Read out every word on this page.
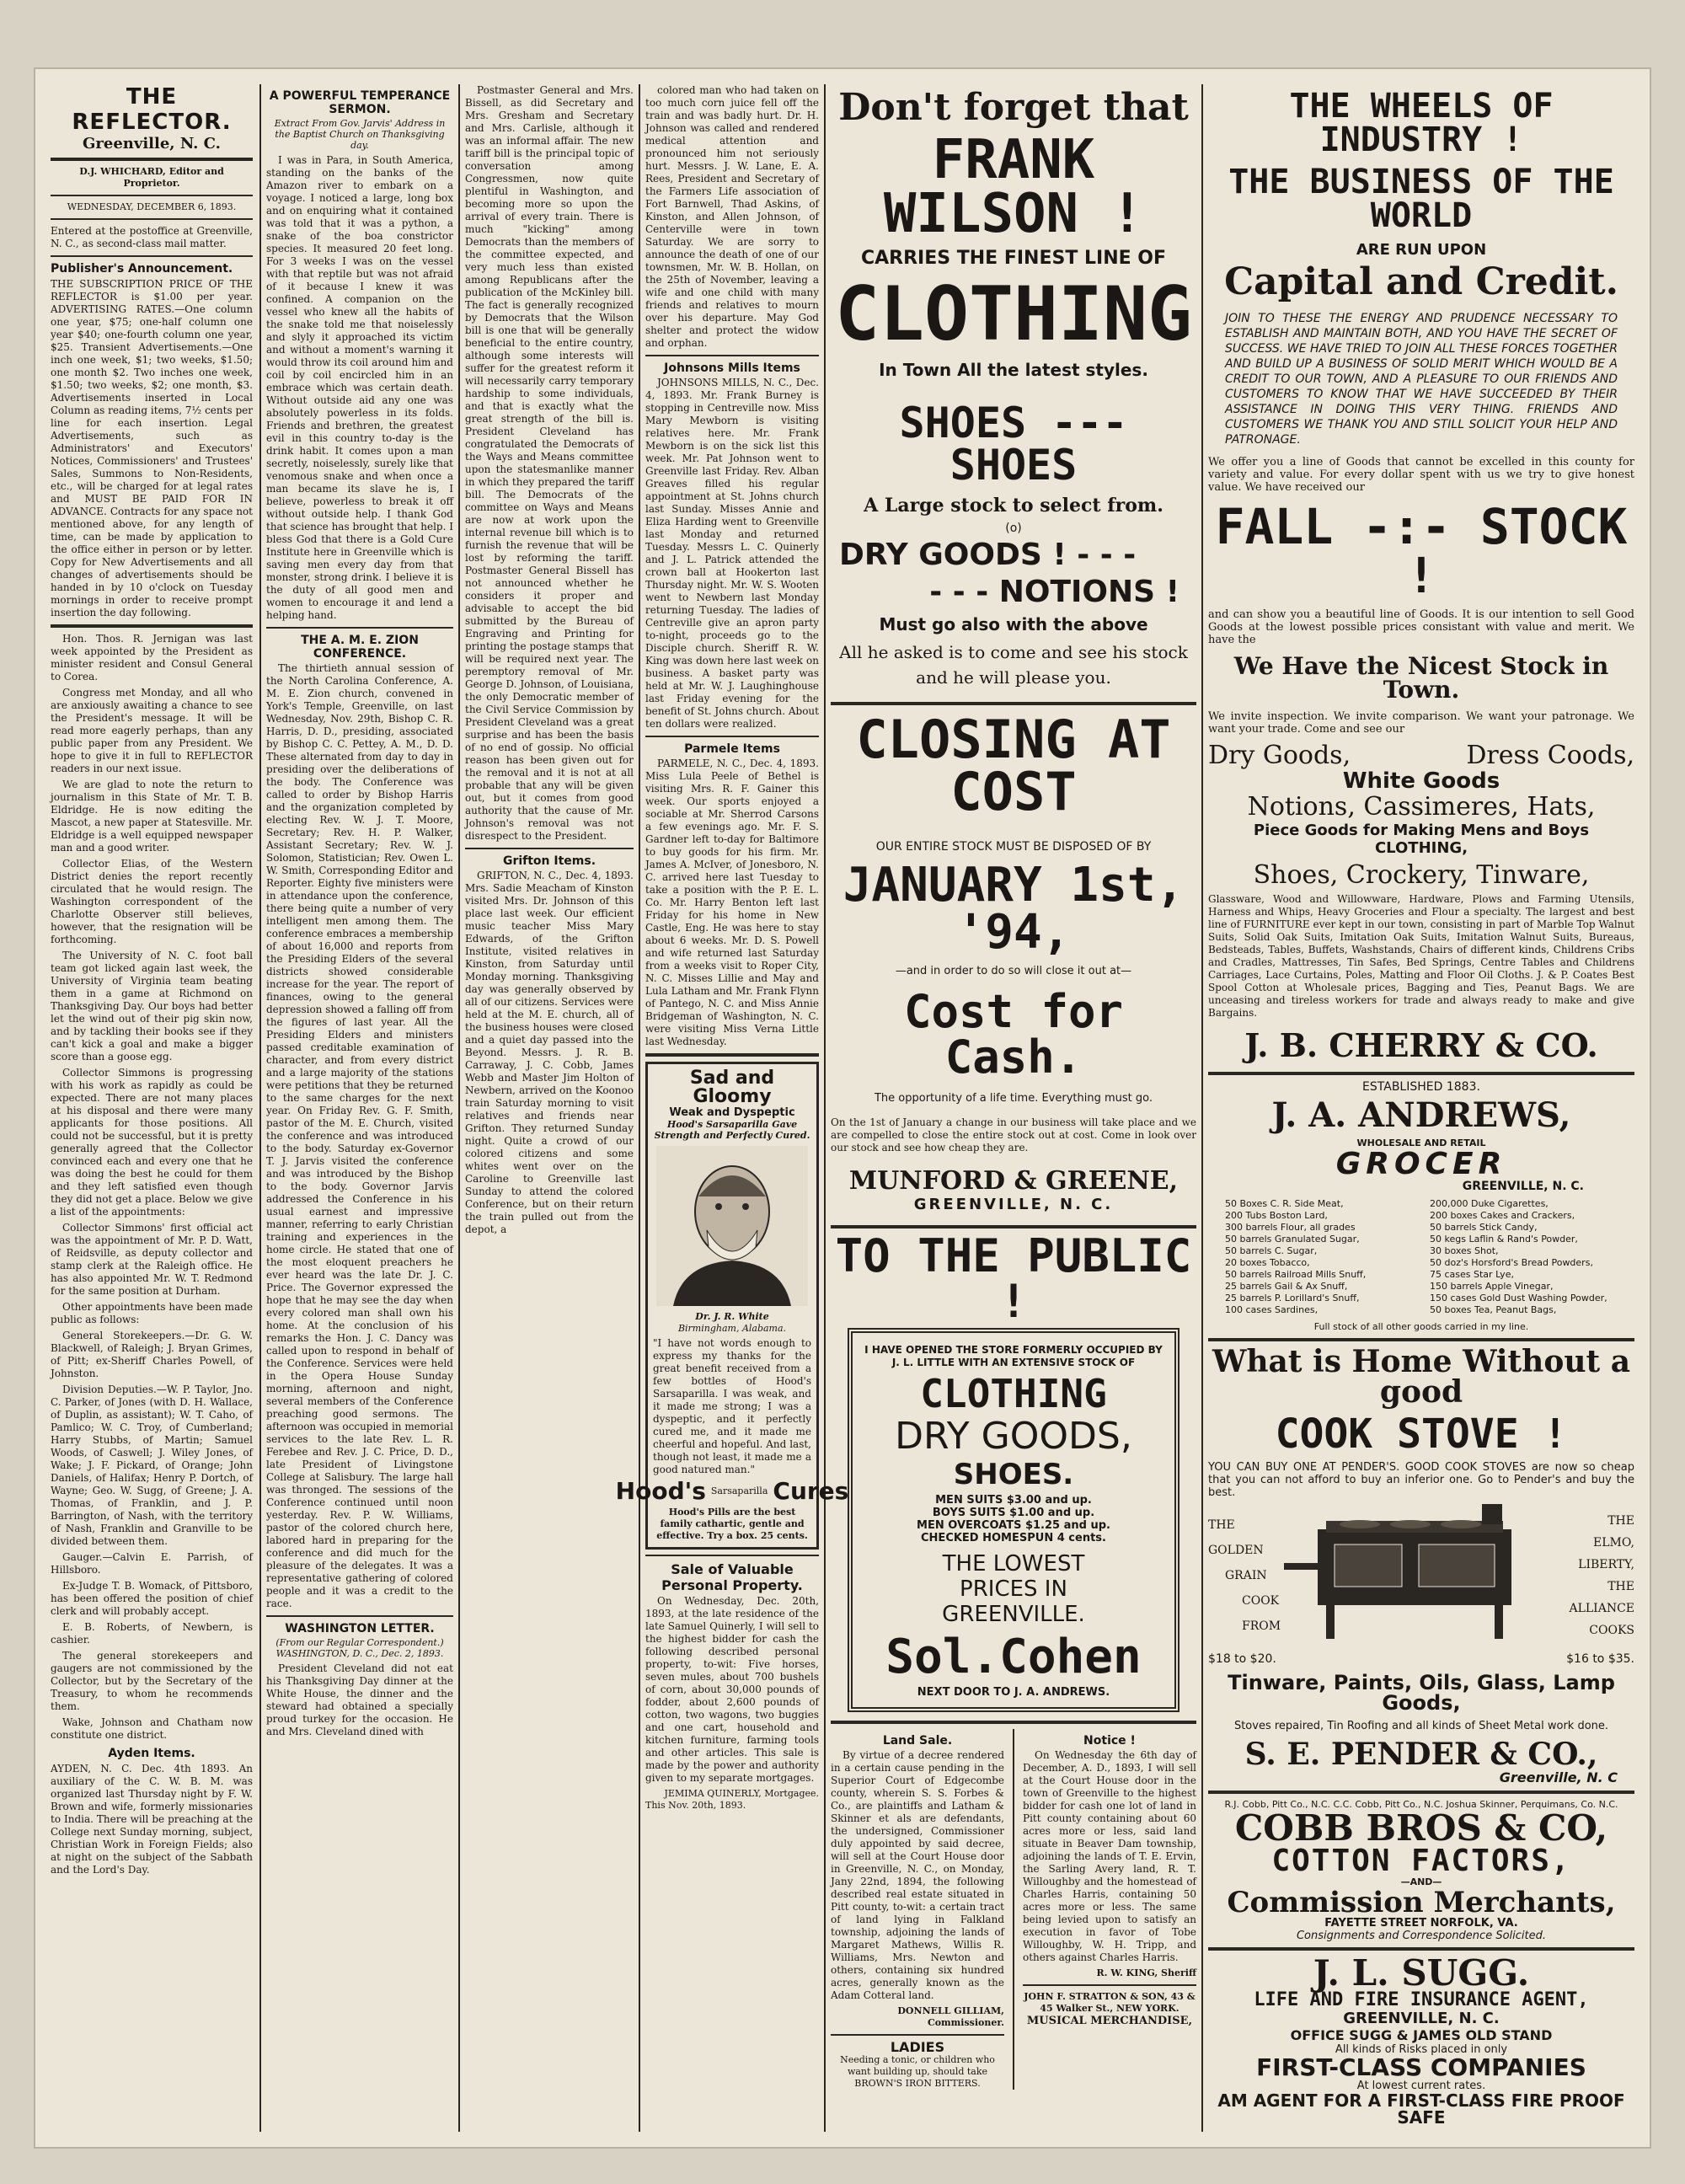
THE REFLECTOR.
Greenville, N. C.
D.J. WHICHARD, Editor and Proprietor.
WEDNESDAY, DECEMBER 6, 1893.
Entered at the postoffice at Greenville, N. C., as second-class mail matter.
Publisher's Announcement.
THE SUBSCRIPTION PRICE OF THE REFLECTOR is $1.00 per year. ADVERTISING RATES.—One column one year, $75; one-half column one year $40; one-fourth column one year, $25. Transient Advertisements.—One inch one week, $1; two weeks, $1.50; one month $2. Two inches one week, $1.50; two weeks, $2; one month, $3. Advertisements inserted in Local Column as reading items, 7½ cents per line for each insertion. Legal Advertisements, such as Administrators' and Executors' Notices, Commissioners' and Trustees' Sales, Summons to Non-Residents, etc., will be charged for at legal rates and MUST BE PAID FOR IN ADVANCE. Contracts for any space not mentioned above, for any length of time, can be made by application to the office either in person or by letter. Copy for New Advertisements and all changes of advertisements should be handed in by 10 o'clock on Tuesday mornings in order to receive prompt insertion the day following.

Hon. Thos. R. Jernigan was last week appointed by the President as minister resident and Consul General to Corea.

Congress met Monday, and all who are anxiously awaiting a chance to see the President's message. It will be read more eagerly perhaps, than any public paper from any President. We hope to give it in full to REFLECTOR readers in our next issue.

We are glad to note the return to journalism in this State of Mr. T. B. Eldridge. He is now editing the Mascot, a new paper at Statesville. Mr. Eldridge is a well equipped newspaper man and a good writer.

Collector Elias, of the Western District denies the report recently circulated that he would resign. The Washington correspondent of the Charlotte Observer still believes, however, that the resignation will be forthcoming.

The University of N. C. foot ball team got licked again last week, the University of Virginia team beating them in a game at Richmond on Thanksgiving Day. Our boys had better let the wind out of their pig skin now, and by tackling their books see if they can't kick a goal and make a bigger score than a goose egg.

Collector Simmons is progressing with his work as rapidly as could be expected. There are not many places at his disposal and there were many applicants for those positions. All could not be successful, but it is pretty generally agreed that the Collector convinced each and every one that he was doing the best he could for them and they left satisfied even though they did not get a place. Below we give a list of the appointments:

Collector Simmons' first official act was the appointment of Mr. P. D. Watt, of Reidsville, as deputy collector and stamp clerk at the Raleigh office. He has also appointed Mr. W. T. Redmond for the same position at Durham.

Other appointments have been made public as follows:

General Storekeepers.—Dr. G. W. Blackwell, of Raleigh; J. Bryan Grimes, of Pitt; ex-Sheriff Charles Powell, of Johnston.

Division Deputies.—W. P. Taylor, Jno. C. Parker, of Jones (with D. H. Wallace, of Duplin, as assistant); W. T. Caho, of Pamlico; W. C. Troy, of Cumberland; Harry Stubbs, of Martin; Samuel Woods, of Caswell; J. Wiley Jones, of Wake; J. F. Pickard, of Orange; John Daniels, of Halifax; Henry P. Dortch, of Wayne; Geo. W. Sugg, of Greene; J. A. Thomas, of Franklin, and J. P. Barrington, of Nash, with the territory of Nash, Franklin and Granville to be divided between them.

Gauger.—Calvin E. Parrish, of Hillsboro.

Ex-Judge T. B. Womack, of Pittsboro, has been offered the position of chief clerk and will probably accept.

E. B. Roberts, of Newbern, is cashier.

The general storekeepers and gaugers are not commissioned by the Collector, but by the Secretary of the Treasury, to whom he recommends them.

Wake, Johnson and Chatham now constitute one district.

Ayden Items.
AYDEN, N. C. Dec. 4th 1893. An auxiliary of the C. W. B. M. was organized last Thursday night by F. W. Brown and wife, formerly missionaries to India. There will be preaching at the College next Sunday morning, subject, Christian Work in Foreign Fields; also at night on the subject of the Sabbath and the Lord's Day.
A POWERFUL TEMPERANCE SERMON.
Extract From Gov. Jarvis' Address in the Baptist Church on Thanksgiving day.

I was in Para, in South America, standing on the banks of the Amazon river to embark on a voyage. I noticed a large, long box and on enquiring what it contained was told that it was a python, a snake of the boa constrictor species. It measured 20 feet long. For 3 weeks I was on the vessel with that reptile but was not afraid of it because I knew it was confined. A companion on the vessel who knew all the habits of the snake told me that noiselessly and slyly it approached its victim and without a moment's warning it would throw its coil around him and coil by coil encircled him in an embrace which was certain death. Without outside aid any one was absolutely powerless in its folds. Friends and brethren, the greatest evil in this country to-day is the drink habit. It comes upon a man secretly, noiselessly, surely like that venomous snake and when once a man became its slave he is, I believe, powerless to break it off without outside help. I thank God that science has brought that help. I bless God that there is a Gold Cure Institute here in Greenville which is saving men every day from that monster, strong drink. I believe it is the duty of all good men and women to encourage it and lend a helping hand.

THE A. M. E. ZION CONFERENCE.

The thirtieth annual session of the North Carolina Conference, A. M. E. Zion church, convened in York's Temple, Greenville, on last Wednesday, Nov. 29th, Bishop C. R. Harris, D. D., presiding, associated by Bishop C. C. Pettey, A. M., D. D. These alternated from day to day in presiding over the deliberations of the body. The Conference was called to order by Bishop Harris and the organization completed by electing Rev. W. J. T. Moore, Secretary; Rev. H. P. Walker, Assistant Secretary; Rev. W. J. Solomon, Statistician; Rev. Owen L. W. Smith, Corresponding Editor and Reporter. Eighty five ministers were in attendance upon the conference, there being quite a number of very intelligent men among them. The conference embraces a membership of about 16,000 and reports from the Presiding Elders of the several districts showed considerable increase for the year. The report of finances, owing to the general depression showed a falling off from the figures of last year. All the Presiding Elders and ministers passed creditable examination of character, and from every district and a large majority of the stations were petitions that they be returned to the same charges for the next year. On Friday Rev. G. F. Smith, pastor of the M. E. Church, visited the conference and was introduced to the body. Saturday ex-Governor T. J. Jarvis visited the conference and was introduced by the Bishop to the body. Governor Jarvis addressed the Conference in his usual earnest and impressive manner, referring to early Christian training and experiences in the home circle. He stated that one of the most eloquent preachers he ever heard was the late Dr. J. C. Price. The Governor expressed the hope that he may see the day when every colored man shall own his home. At the conclusion of his remarks the Hon. J. C. Dancy was called upon to respond in behalf of the Conference. Services were held in the Opera House Sunday morning, afternoon and night, several members of the Conference preaching good sermons. The afternoon was occupied in memorial services to the late Rev. L. R. Ferebee and Rev. J. C. Price, D. D., late President of Livingstone College at Salisbury. The large hall was thronged. The sessions of the Conference continued until noon yesterday. Rev. P. W. Williams, pastor of the colored church here, labored hard in preparing for the conference and did much for the pleasure of the delegates. It was a representative gathering of colored people and it was a credit to the race.

WASHINGTON LETTER.
(From our Regular Correspondent.) WASHINGTON, D. C., Dec. 2, 1893.

President Cleveland did not eat his Thanksgiving Day dinner at the White House, the dinner and the steward had obtained a specially proud turkey for the occasion. He and Mrs. Cleveland dined with

Postmaster General and Mrs. Bissell, as did Secretary and Mrs. Gresham and Secretary and Mrs. Carlisle, although it was an informal affair. The new tariff bill is the principal topic of conversation among Congressmen, now quite plentiful in Washington, and becoming more so upon the arrival of every train. There is much "kicking" among Democrats than the members of the committee expected, and very much less than existed among Republicans after the publication of the McKinley bill. The fact is generally recognized by Democrats that the Wilson bill is one that will be generally beneficial to the entire country, although some interests will suffer for the greatest reform it will necessarily carry temporary hardship to some individuals, and that is exactly what the great strength of the bill is. President Cleveland has congratulated the Democrats of the Ways and Means committee upon the statesmanlike manner in which they prepared the tariff bill. The Democrats of the committee on Ways and Means are now at work upon the internal revenue bill which is to furnish the revenue that will be lost by reforming the tariff. Postmaster General Bissell has not announced whether he considers it proper and advisable to accept the bid submitted by the Bureau of Engraving and Printing for printing the postage stamps that will be required next year. The peremptory removal of Mr. George D. Johnson, of Louisiana, the only Democratic member of the Civil Service Commission by President Cleveland was a great surprise and has been the basis of no end of gossip. No official reason has been given out for the removal and it is not at all probable that any will be given out, but it comes from good authority that the cause of Mr. Johnson's removal was not disrespect to the President.

Grifton Items.

GRIFTON, N. C., Dec. 4, 1893. Mrs. Sadie Meacham of Kinston visited Mrs. Dr. Johnson of this place last week. Our efficient music teacher Miss Mary Edwards, of the Grifton Institute, visited relatives in Kinston, from Saturday until Monday morning. Thanksgiving day was generally observed by all of our citizens. Services were held at the M. E. church, all of the business houses were closed and a quiet day passed into the Beyond. Messrs. J. R. B. Carraway, J. C. Cobb, James Webb and Master Jim Holton of Newbern, arrived on the Koonoo train Saturday morning to visit relatives and friends near Grifton. They returned Sunday night. Quite a crowd of our colored citizens and some whites went over on the Caroline to Greenville last Sunday to attend the colored Conference, but on their return the train pulled out from the depot, a

colored man who had taken on too much corn juice fell off the train and was badly hurt. Dr. H. Johnson was called and rendered medical attention and pronounced him not seriously hurt. Messrs. J. W. Lane, E. A. Rees, President and Secretary of the Farmers Life association of Fort Barnwell, Thad Askins, of Kinston, and Allen Johnson, of Centerville were in town Saturday. We are sorry to announce the death of one of our townsmen, Mr. W. B. Hollan, on the 25th of November, leaving a wife and one child with many friends and relatives to mourn over his departure. May God shelter and protect the widow and orphan.

Johnsons Mills Items

JOHNSONS MILLS, N. C., Dec. 4, 1893. Mr. Frank Burney is stopping in Centreville now. Miss Mary Mewborn is visiting relatives here. Mr. Frank Mewborn is on the sick list this week. Mr. Pat Johnson went to Greenville last Friday. Rev. Alban Greaves filled his regular appointment at St. Johns church last Sunday. Misses Annie and Eliza Harding went to Greenville last Monday and returned Tuesday. Messrs L. C. Quinerly and J. L. Patrick attended the crown ball at Hookerton last Thursday night. Mr. W. S. Wooten went to Newbern last Monday returning Tuesday. The ladies of Centreville give an apron party to-night, proceeds go to the Disciple church. Sheriff R. W. King was down here last week on business. A basket party was held at Mr. W. J. Laughinghouse last Friday evening for the benefit of St. Johns church. About ten dollars were realized.

Parmele Items

PARMELE, N. C., Dec. 4, 1893. Miss Lula Peele of Bethel is visiting Mrs. R. F. Gainer this week. Our sports enjoyed a sociable at Mr. Sherrod Carsons a few evenings ago. Mr. F. S. Gardner left to-day for Baltimore to buy goods for his firm. Mr. James A. McIver, of Jonesboro, N. C. arrived here last Tuesday to take a position with the P. E. L. Co. Mr. Harry Benton left last Friday for his home in New Castle, Eng. He was here to stay about 6 weeks. Mr. D. S. Powell and wife returned last Saturday from a weeks visit to Roper City, N. C. Misses Lillie and May and Lula Latham and Mr. Frank Flynn of Pantego, N. C. and Miss Annie Bridgeman of Washington, N. C. were visiting Miss Verna Little last Wednesday.

Sad and Gloomy
Weak and Dyspeptic
Hood's Sarsaparilla Gave Strength and Perfectly Cured.
Dr. J. R. White
Birmingham, Alabama.
"I have not words enough to express my thanks for the great benefit received from a few bottles of Hood's Sarsaparilla. I was weak, and it made me strong; I was a dyspeptic, and it perfectly cured me, and it made me cheerful and hopeful. And last, though not least, it made me a good natured man."
Hood's Sarsaparilla Cures
Hood's Pills are the best family cathartic, gentle and effective. Try a box. 25 cents.
Sale of Valuable Personal Property.

On Wednesday, Dec. 20th, 1893, at the late residence of the late Samuel Quinerly, I will sell to the highest bidder for cash the following described personal property, to-wit: Five horses, seven mules, about 700 bushels of corn, about 30,000 pounds of fodder, about 2,600 pounds of cotton, two wagons, two buggies and one cart, household and kitchen furniture, farming tools and other articles. This sale is made by the power and authority given to my separate mortgages.

JEMIMA QUINERLY, Mortgagee.
This Nov. 20th, 1893.
Don't forget that
FRANK WILSON !
CARRIES THE FINEST LINE OF
CLOTHING
In Town All the latest styles.
SHOES --- SHOES
A Large stock to select from.
(o)
DRY GOODS ! - - -
- - - NOTIONS !
Must go also with the above
All he asked is to come and see his stock and he will please you.
CLOSING AT COST
OUR ENTIRE STOCK MUST BE DISPOSED OF BY
JANUARY 1st, '94,
—and in order to do so will close it out at—
Cost for Cash.
The opportunity of a life time. Everything must go.
On the 1st of January a change in our business will take place and we are compelled to close the entire stock out at cost. Come in look over our stock and see how cheap they are.
MUNFORD & GREENE,
GREENVILLE, N. C.
TO THE PUBLIC !
I HAVE OPENED THE STORE FORMERLY OCCUPIED BY J. L. LITTLE WITH AN EXTENSIVE STOCK OF
CLOTHING
DRY GOODS,
SHOES.
MEN SUITS $3.00 and up.
BOYS SUITS $1.00 and up.
MEN OVERCOATS $1.25 and up.
CHECKED HOMESPUN 4 cents.
THE LOWEST PRICES IN GREENVILLE.
Sol.Cohen
NEXT DOOR TO J. A. ANDREWS.
Land Sale.

By virtue of a decree rendered in a certain cause pending in the Superior Court of Edgecombe county, wherein S. S. Forbes & Co., are plaintiffs and Latham & Skinner et als are defendants, the undersigned, Commissioner duly appointed by said decree, will sell at the Court House door in Greenville, N. C., on Monday, Jany 22nd, 1894, the following described real estate situated in Pitt county, to-wit: a certain tract of land lying in Falkland township, adjoining the lands of Margaret Mathews, Willis R. Williams, Mrs. Newton and others, containing six hundred acres, generally known as the Adam Cotteral land.

DONNELL GILLIAM, Commissioner.
LADIES
Needing a tonic, or children who want building up, should take BROWN'S IRON BITTERS.
Notice !

On Wednesday the 6th day of December, A. D., 1893, I will sell at the Court House door in the town of Greenville to the highest bidder for cash one lot of land in Pitt county containing about 60 acres more or less, said land situate in Beaver Dam township, adjoining the lands of T. E. Ervin, the Sarling Avery land, R. T. Willoughby and the homestead of Charles Harris, containing 50 acres more or less. The same being levied upon to satisfy an execution in favor of Tobe Willoughby, W. H. Tripp, and others against Charles Harris.

R. W. KING, Sheriff
JOHN F. STRATTON & SON, 43 & 45 Walker St., NEW YORK.
MUSICAL MERCHANDISE,
THE WHEELS OF INDUSTRY !
THE BUSINESS OF THE WORLD
ARE RUN UPON
Capital and Credit.
JOIN TO THESE THE ENERGY AND PRUDENCE NECESSARY TO ESTABLISH AND MAINTAIN BOTH, AND YOU HAVE THE SECRET OF SUCCESS. WE HAVE TRIED TO JOIN ALL THESE FORCES TOGETHER AND BUILD UP A BUSINESS OF SOLID MERIT WHICH WOULD BE A CREDIT TO OUR TOWN, AND A PLEASURE TO OUR FRIENDS AND CUSTOMERS TO KNOW THAT WE HAVE SUCCEEDED BY THEIR ASSISTANCE IN DOING THIS VERY THING. FRIENDS AND CUSTOMERS WE THANK YOU AND STILL SOLICIT YOUR HELP AND PATRONAGE.
We offer you a line of Goods that cannot be excelled in this county for variety and value. For every dollar spent with us we try to give honest value. We have received our
FALL -:- STOCK !
and can show you a beautiful line of Goods. It is our intention to sell Good Goods at the lowest possible prices consistant with value and merit. We have the
We Have the Nicest Stock in Town.
We invite inspection. We invite comparison. We want your patronage. We want your trade. Come and see our
Dry Goods,	Dress Coods,
White Goods
Notions, Cassimeres, Hats,
Piece Goods for Making Mens and Boys
CLOTHING,
Shoes, Crockery, Tinware,
Glassware, Wood and Willowware, Hardware, Plows and Farming Utensils, Harness and Whips, Heavy Groceries and Flour a specialty. The largest and best line of FURNITURE ever kept in our town, consisting in part of Marble Top Walnut Suits, Solid Oak Suits, Imitation Oak Suits, Imitation Walnut Suits, Bureaus, Bedsteads, Tables, Buffets, Washstands, Chairs of different kinds, Childrens Cribs and Cradles, Mattresses, Tin Safes, Bed Springs, Centre Tables and Childrens Carriages, Lace Curtains, Poles, Matting and Floor Oil Cloths. J. & P. Coates Best Spool Cotton at Wholesale prices, Bagging and Ties, Peanut Bags. We are unceasing and tireless workers for trade and always ready to make and give Bargains.
J. B. CHERRY & CO.
ESTABLISHED 1883.
J. A. ANDREWS,
WHOLESALE AND RETAIL
GROCER
GREENVILLE, N. C.
50 Boxes C. R. Side Meat,
200 Tubs Boston Lard,
300 barrels Flour, all grades
50 barrels Granulated Sugar,
50 barrels C. Sugar,
20 boxes Tobacco,
50 barrels Railroad Mills Snuff,
25 barrels Gail & Ax Snuff,
25 barrels P. Lorillard's Snuff,
100 cases Sardines,
200,000 Duke Cigarettes,
200 boxes Cakes and Crackers,
50 barrels Stick Candy,
50 kegs Laflin & Rand's Powder,
30 boxes Shot,
50 doz's Horsford's Bread Powders,
75 cases Star Lye,
150 barrels Apple Vinegar,
150 cases Gold Dust Washing Powder,
50 boxes Tea, Peanut Bags,
Full stock of all other goods carried in my line.
What is Home Without a good
COOK STOVE !
YOU CAN BUY ONE AT PENDER'S. GOOD COOK STOVES are now so cheap that you can not afford to buy an inferior one. Go to Pender's and buy the best.
THE
GOLDEN
GRAIN
COOK
FROM
THE
ELMO,
LIBERTY,
THE
ALLIANCE
COOKS
$18 to $20.	$16 to $35.
Tinware, Paints, Oils, Glass, Lamp Goods,
Stoves repaired, Tin Roofing and all kinds of Sheet Metal work done.
S. E. PENDER & CO.,
Greenville, N. C
R.J. Cobb, Pitt Co., N.C. C.C. Cobb, Pitt Co., N.C. Joshua Skinner, Perquimans, Co. N.C.
COBB BROS & CO,
COTTON FACTORS,
—AND—
Commission Merchants,
FAYETTE STREET NORFOLK, VA.
Consignments and Correspondence Solicited.
J. L. SUGG.
LIFE AND FIRE INSURANCE AGENT,
GREENVILLE, N. C.
OFFICE SUGG & JAMES OLD STAND
All kinds of Risks placed in only
FIRST-CLASS COMPANIES
At lowest current rates.
AM AGENT FOR A FIRST-CLASS FIRE PROOF SAFE
